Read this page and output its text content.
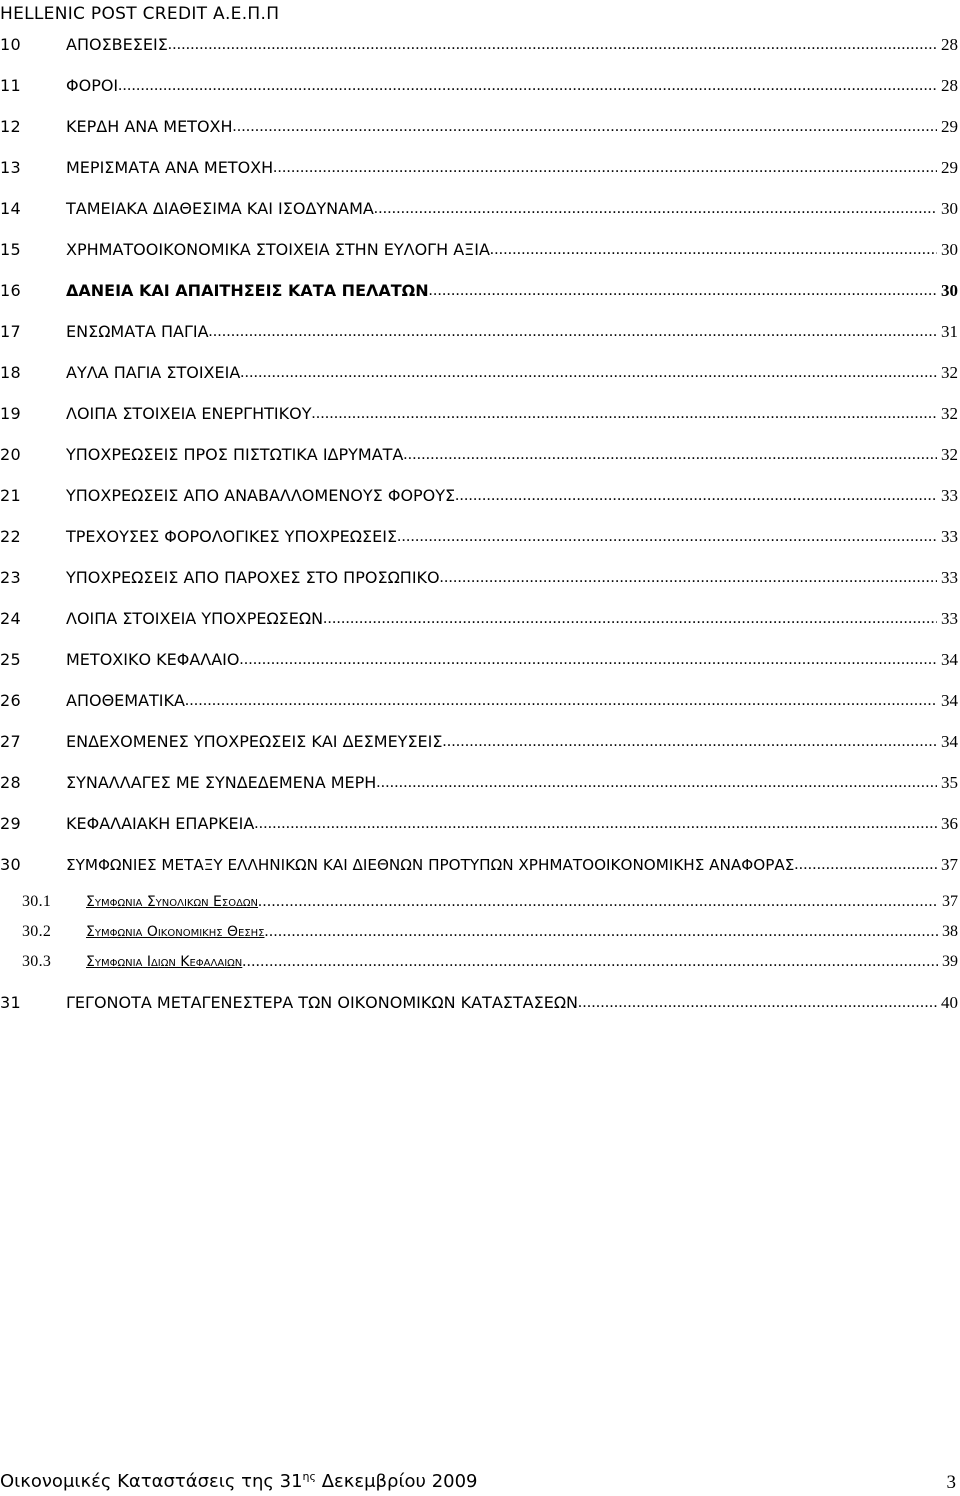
HELLENIC POST CREDIT Α.Ε.Π.Π
10	ΑΠΟΣΒΕΣΕΙΣ .....	28
11	ΦΟΡΟΙ .....	28
12	ΚΕΡΔΗ ΑΝΑ ΜΕΤΟΧΗ .....	29
13	ΜΕΡΙΣΜΑΤΑ ΑΝΑ ΜΕΤΟΧΗ .....	29
14	ΤΑΜΕΙΑΚΑ ΔΙΑΘΕΣΙΜΑ ΚΑΙ ΙΣΟΔΥΝΑΜΑ .....	30
15	ΧΡΗΜΑΤΟΟΙΚΟΝΟΜΙΚΑ ΣΤΟΙΧΕΙΑ ΣΤΗΝ ΕΥΛΟΓΗ ΑΞΙΑ .....	30
16	ΔΑΝΕΙΑ ΚΑΙ ΑΠΑΙΤΗΣΕΙΣ ΚΑΤΑ ΠΕΛΑΤΩΝ .....	30
17	ΕΝΣΩΜΑΤΑ ΠΑΓΙΑ .....	31
18	ΑΥΛΑ ΠΑΓΙΑ ΣΤΟΙΧΕΙΑ .....	32
19	ΛΟΙΠΑ ΣΤΟΙΧΕΙΑ ΕΝΕΡΓΗΤΙΚΟΥ .....	32
20	ΥΠΟΧΡΕΩΣΕΙΣ ΠΡΟΣ ΠΙΣΤΩΤΙΚΑ ΙΔΡΥΜΑΤΑ .....	32
21	ΥΠΟΧΡΕΩΣΕΙΣ ΑΠΟ ΑΝΑΒΑΛΛΟΜΕΝΟΥΣ ΦΟΡΟΥΣ .....	33
22	ΤΡΕΧΟΥΣΕΣ ΦΟΡΟΛΟΓΙΚΕΣ ΥΠΟΧΡΕΩΣΕΙΣ .....	33
23	ΥΠΟΧΡΕΩΣΕΙΣ ΑΠΟ ΠΑΡΟΧΕΣ ΣΤΟ ΠΡΟΣΩΠΙΚΟ .....	33
24	ΛΟΙΠΑ ΣΤΟΙΧΕΙΑ ΥΠΟΧΡΕΩΣΕΩΝ .....	33
25	ΜΕΤΟΧΙΚΟ ΚΕΦΑΛΑΙΟ .....	34
26	ΑΠΟΘΕΜΑΤΙΚΑ .....	34
27	ΕΝΔΕΧΟΜΕΝΕΣ ΥΠΟΧΡΕΩΣΕΙΣ ΚΑΙ ΔΕΣΜΕΥΣΕΙΣ .....	34
28	ΣΥΝΑΛΛΑΓΕΣ ΜΕ ΣΥΝΔΕΔΕΜΕΝΑ ΜΕΡΗ .....	35
29	ΚΕΦΑΛΑΙΑΚΗ ΕΠΑΡΚΕΙΑ .....	36
30	ΣΥΜΦΩΝΙΕΣ ΜΕΤΑΞΥ ΕΛΛΗΝΙΚΩΝ ΚΑΙ ΔΙΕΘΝΩΝ ΠΡΟΤΥΠΩΝ ΧΡΗΜΑΤΟΟΙΚΟΝΟΜΙΚΗΣ ΑΝΑΦΟΡΑΣ .....	37
30.1	Συμφωνια Συνολικων Εσοδων .....	37
30.2	Συμφωνια Οικονομικης Θεσης .....	38
30.3	Συμφωνια Ιδιων Κεφαλαιων .....	39
31	ΓΕΓΟΝΟΤΑ ΜΕΤΑΓΕΝΕΣΤΕΡΑ ΤΩΝ ΟΙΚΟΝΟΜΙΚΩΝ ΚΑΤΑΣΤΑΣΕΩΝ .....	40
Οικονομικές Καταστάσεις της $31^{\eta\varsigma}$ Δεκεμβρίου 2009	3
